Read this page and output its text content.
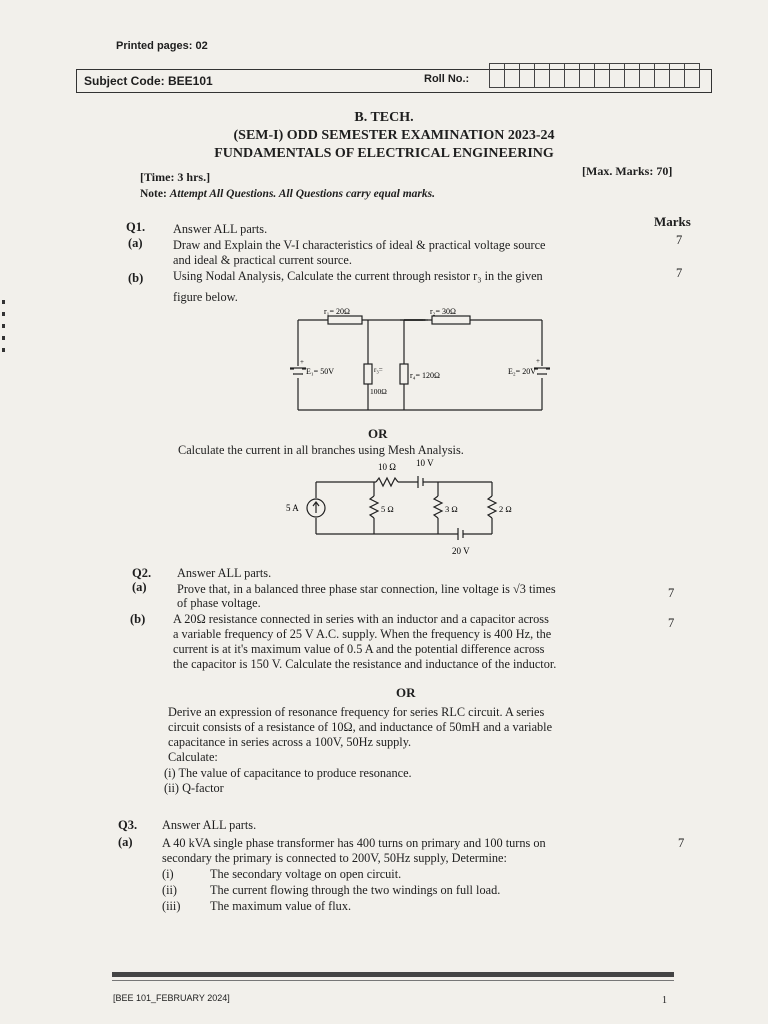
Printed pages: 02
Subject Code: BEE101	Roll No.:
B. TECH.
(SEM-I) ODD SEMESTER EXAMINATION 2023-24
FUNDAMENTALS OF ELECTRICAL ENGINEERING
[Time: 3 hrs.]	[Max. Marks: 70]
Note: Attempt All Questions. All Questions carry equal marks.
Marks
Q1. Answer ALL parts.
(a) Draw and Explain the V-I characteristics of ideal & practical voltage source
and ideal & practical current source.
7
(b) Using Nodal Analysis, Calculate the current through resistor r₃ in the given
figure below.
7
r₁= 20Ω	r₂= 30Ω
E₁= 50V	r₃=
100Ω
r₄= 120Ω	E₂= 20V
+	+
OR
Calculate the current in all branches using Mesh Analysis.
10 Ω 10 V
5 A	5 Ω	3 Ω	2 Ω
20 V
Q2. Answer ALL parts.
(a) Prove that, in a balanced three phase star connection, line voltage is √3 times
of phase voltage.
7
(b) A 20Ω resistance connected in series with an inductor and a capacitor across
a variable frequency of 25 V A.C. supply. When the frequency is 400 Hz, the
current is at it's maximum value of 0.5 A and the potential difference across
the capacitor is 150 V. Calculate the resistance and inductance of the inductor.
7
OR
Derive an expression of resonance frequency for series RLC circuit. A series
circuit consists of a resistance of 10Ω, and inductance of 50mH and a variable
capacitance in series across a 100V, 50Hz supply.
Calculate:
(i) The value of capacitance to produce resonance.
(ii) Q-factor
Q3. Answer ALL parts.
(a) A 40 kVA single phase transformer has 400 turns on primary and 100 turns on
secondary the primary is connected to 200V, 50Hz supply, Determine:
7
(i)	The secondary voltage on open circuit.
(ii)	The current flowing through the two windings on full load.
(iii) The maximum value of flux.
[BEE 101_FEBRUARY 2024]	1
